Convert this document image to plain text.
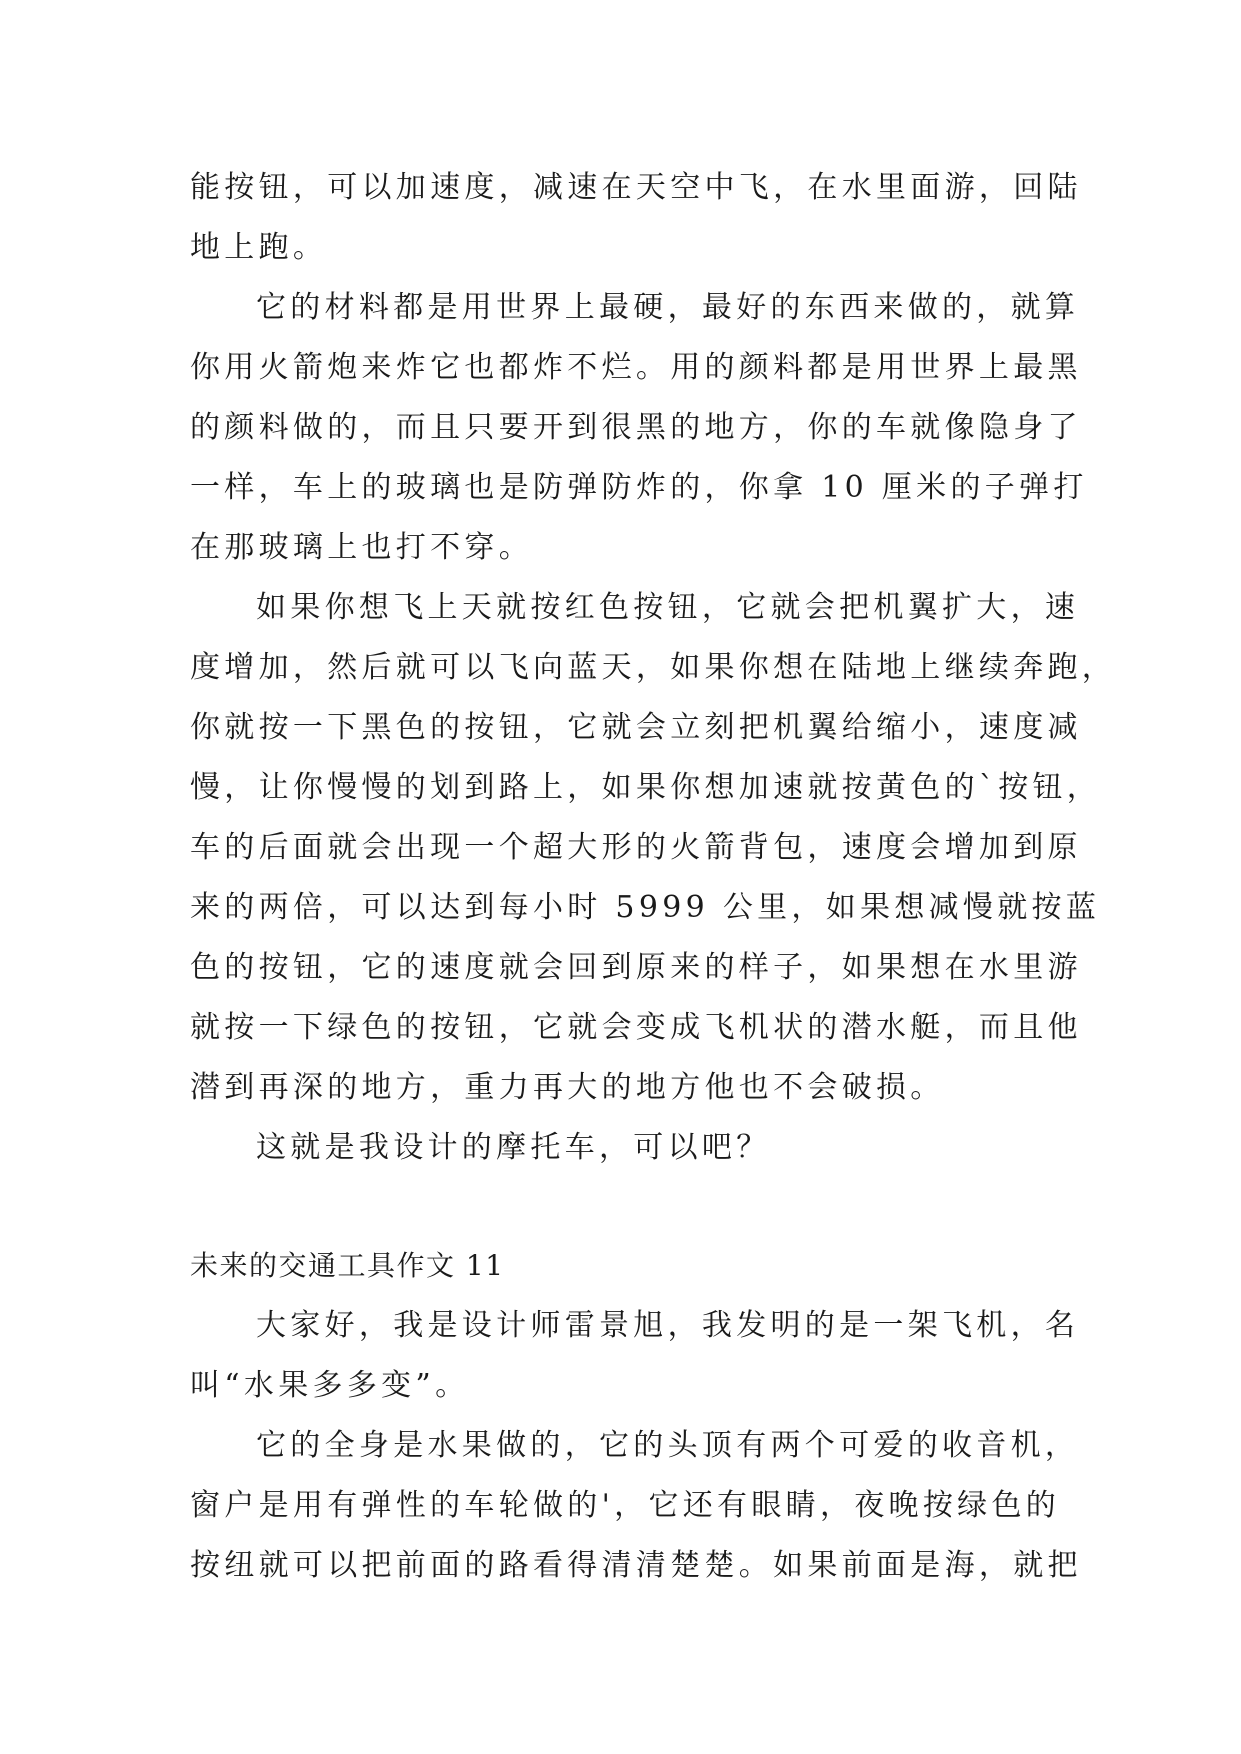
能按钮，可以加速度，减速在天空中飞，在水里面游，回陆
地上跑。
它的材料都是用世界上最硬，最好的东西来做的，就算
你用火箭炮来炸它也都炸不烂。用的颜料都是用世界上最黑
的颜料做的，而且只要开到很黑的地方，你的车就像隐身了
一样，车上的玻璃也是防弹防炸的，你拿 10 厘米的子弹打
在那玻璃上也打不穿。
如果你想飞上天就按红色按钮，它就会把机翼扩大，速
度增加，然后就可以飞向蓝天，如果你想在陆地上继续奔跑，
你就按一下黑色的按钮，它就会立刻把机翼给缩小，速度减
慢，让你慢慢的划到路上，如果你想加速就按黄色的`按钮，
车的后面就会出现一个超大形的火箭背包，速度会增加到原
来的两倍，可以达到每小时 5999 公里，如果想减慢就按蓝
色的按钮，它的速度就会回到原来的样子，如果想在水里游
就按一下绿色的按钮，它就会变成飞机状的潜水艇，而且他
潜到再深的地方，重力再大的地方他也不会破损。
这就是我设计的摩托车，可以吧？
未来的交通工具作文 11
大家好，我是设计师雷景旭，我发明的是一架飞机，名
叫“水果多多变”。
它的全身是水果做的，它的头顶有两个可爱的收音机，
窗户是用有弹性的车轮做的'，它还有眼睛，夜晚按绿色的
按纽就可以把前面的路看得清清楚楚。如果前面是海，就把
